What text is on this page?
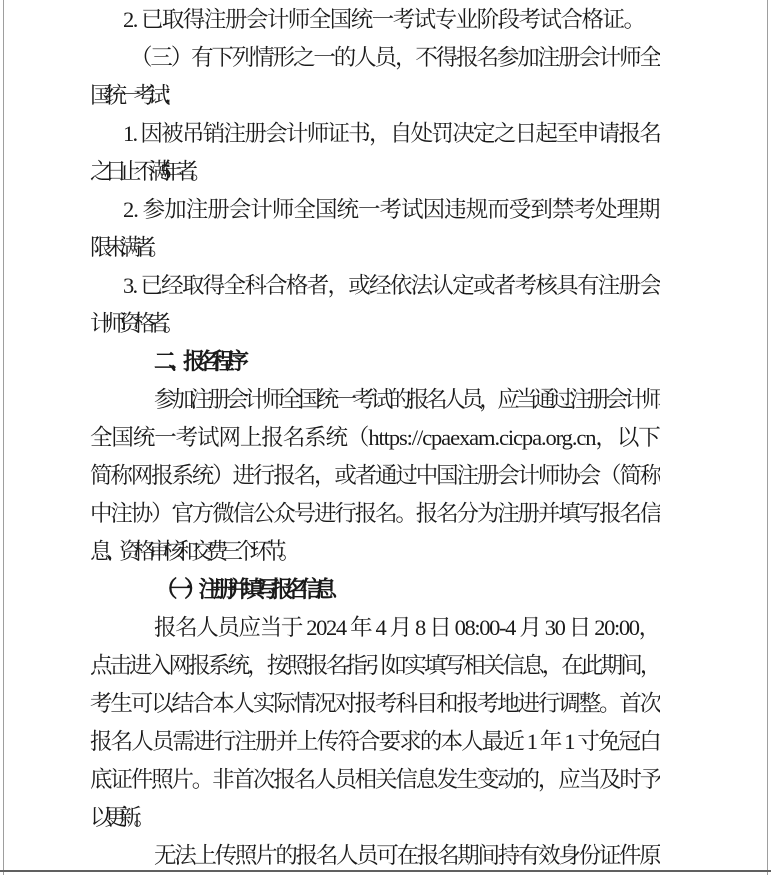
2. 已取得注册会计师全国统一考试专业阶段考试合格证。
（三）有下列情形之一的人员，不得报名参加注册会计师全
国统一考试：
1. 因被吊销注册会计师证书，自处罚决定之日起至申请报名
之日止不满 5 年者。
2. 参加注册会计师全国统一考试因违规而受到禁考处理期
限未满者。
3. 已经取得全科合格者，或经依法认定或者考核具有注册会
计师资格者。
二、报名程序
参加注册会计师全国统一考试的报名人员，应当通过注册会计师
全国统一考试网上报名系统（https://cpaexam.cicpa.org.cn，以下
简称网报系统）进行报名，或者通过中国注册会计师协会（简称
中注协）官方微信公众号进行报名。报名分为注册并填写报名信
息、资格审核和交费三个环节。
（一）注册并填写报名信息
报名人员应当于 2024 年 4 月 8 日 08:00-4 月 30 日 20:00，
点击进入网报系统，按照报名指引如实填写相关信息，在此期间，
考生可以结合本人实际情况对报考科目和报考地进行调整。首次
报名人员需进行注册并上传符合要求的本人最近 1 年 1 寸免冠白
底证件照片。非首次报名人员相关信息发生变动的，应当及时予
以更新。
无法上传照片的报名人员可在报名期间持有效身份证件原
